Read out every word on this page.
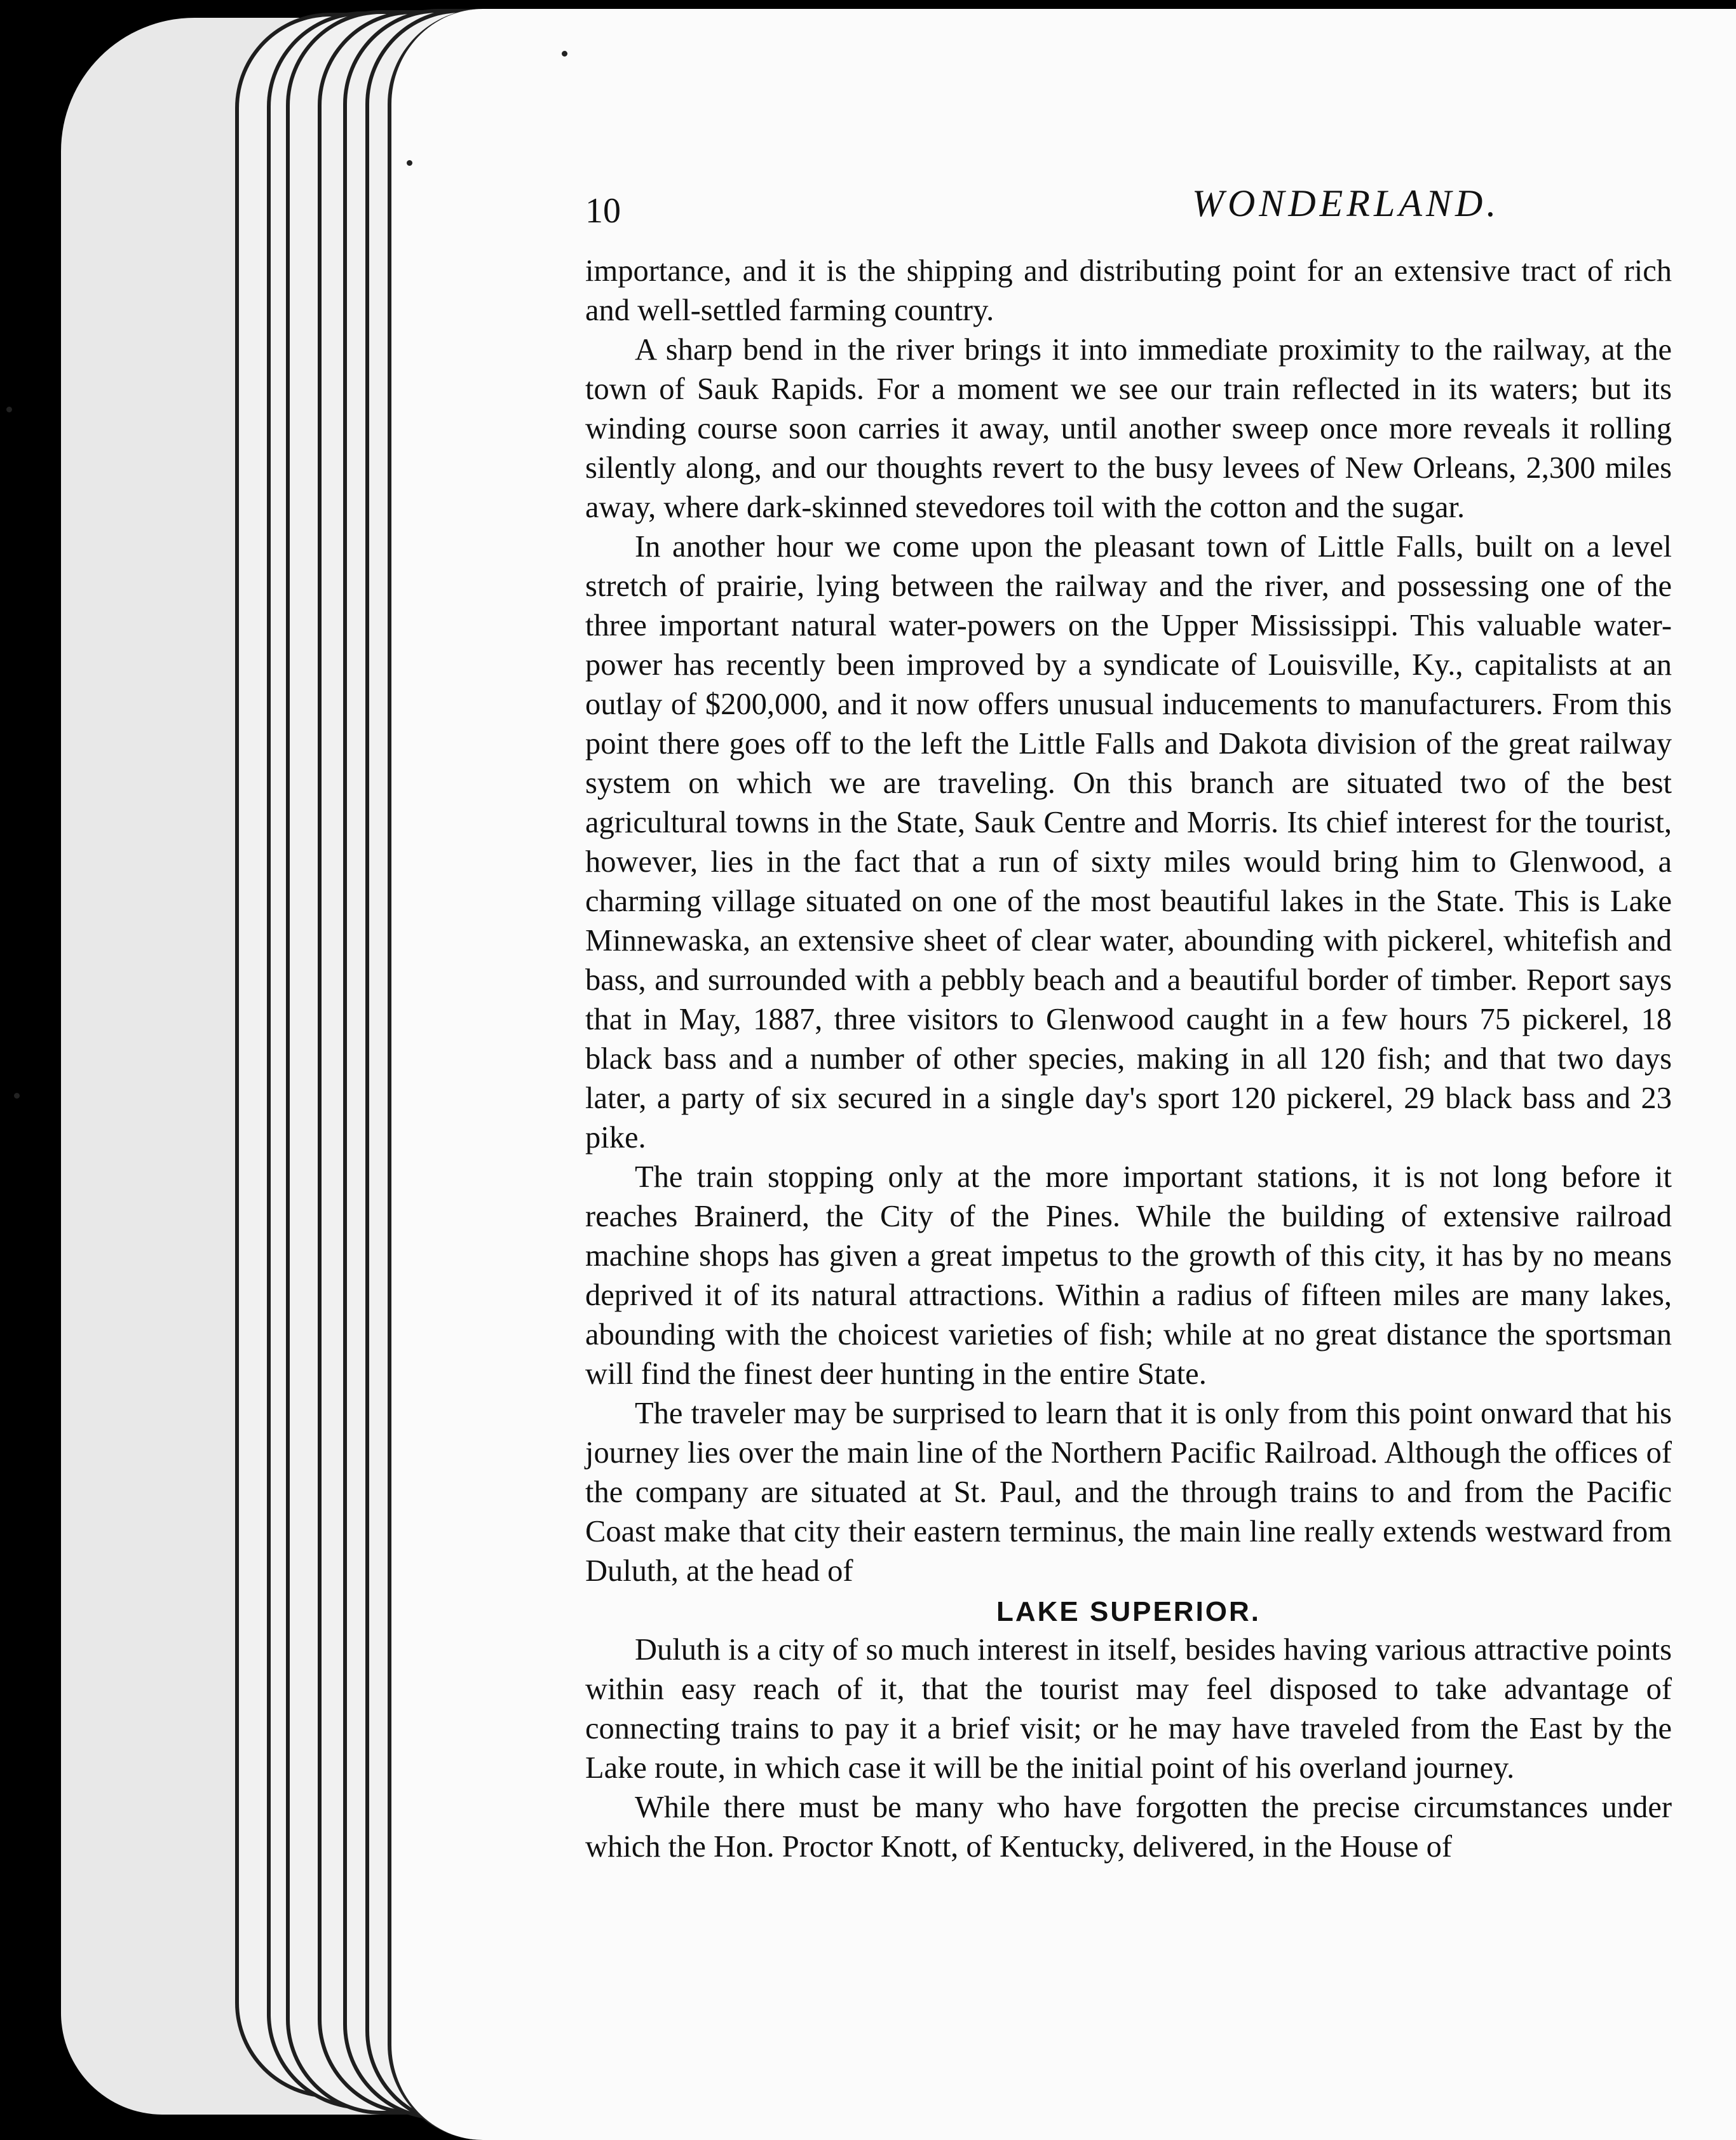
10	WONDERLAND.

importance, and it is the shipping and distributing point for an extensive tract of rich and well-settled farming country.

A sharp bend in the river brings it into immediate proximity to the railway, at the town of Sauk Rapids. For a moment we see our train reflected in its waters; but its winding course soon carries it away, until another sweep once more reveals it rolling silently along, and our thoughts revert to the busy levees of New Orleans, 2,300 miles away, where dark-skinned stevedores toil with the cotton and the sugar.

In another hour we come upon the pleasant town of Little Falls, built on a level stretch of prairie, lying between the railway and the river, and possessing one of the three important natural water-powers on the Upper Mississippi. This valuable water-power has recently been improved by a syndicate of Louisville, Ky., capitalists at an outlay of $200,000, and it now offers unusual inducements to manufacturers. From this point there goes off to the left the Little Falls and Dakota division of the great railway system on which we are traveling. On this branch are situated two of the best agricultural towns in the State, Sauk Centre and Morris. Its chief interest for the tourist, however, lies in the fact that a run of sixty miles would bring him to Glenwood, a charming village situated on one of the most beautiful lakes in the State. This is Lake Minnewaska, an extensive sheet of clear water, abounding with pickerel, whitefish and bass, and surrounded with a pebbly beach and a beautiful border of timber. Report says that in May, 1887, three visitors to Glenwood caught in a few hours 75 pickerel, 18 black bass and a number of other species, making in all 120 fish; and that two days later, a party of six secured in a single day's sport 120 pickerel, 29 black bass and 23 pike.

The train stopping only at the more important stations, it is not long before it reaches Brainerd, the City of the Pines. While the building of extensive railroad machine shops has given a great impetus to the growth of this city, it has by no means deprived it of its natural attractions. Within a radius of fifteen miles are many lakes, abounding with the choicest varieties of fish; while at no great distance the sportsman will find the finest deer hunting in the entire State.

The traveler may be surprised to learn that it is only from this point onward that his journey lies over the main line of the Northern Pacific Railroad. Although the offices of the company are situated at St. Paul, and the through trains to and from the Pacific Coast make that city their eastern terminus, the main line really extends westward from Duluth, at the head of

LAKE SUPERIOR.

Duluth is a city of so much interest in itself, besides having various attractive points within easy reach of it, that the tourist may feel disposed to take advantage of connecting trains to pay it a brief visit; or he may have traveled from the East by the Lake route, in which case it will be the initial point of his overland journey.

While there must be many who have forgotten the precise circumstances under which the Hon. Proctor Knott, of Kentucky, delivered, in the House of
